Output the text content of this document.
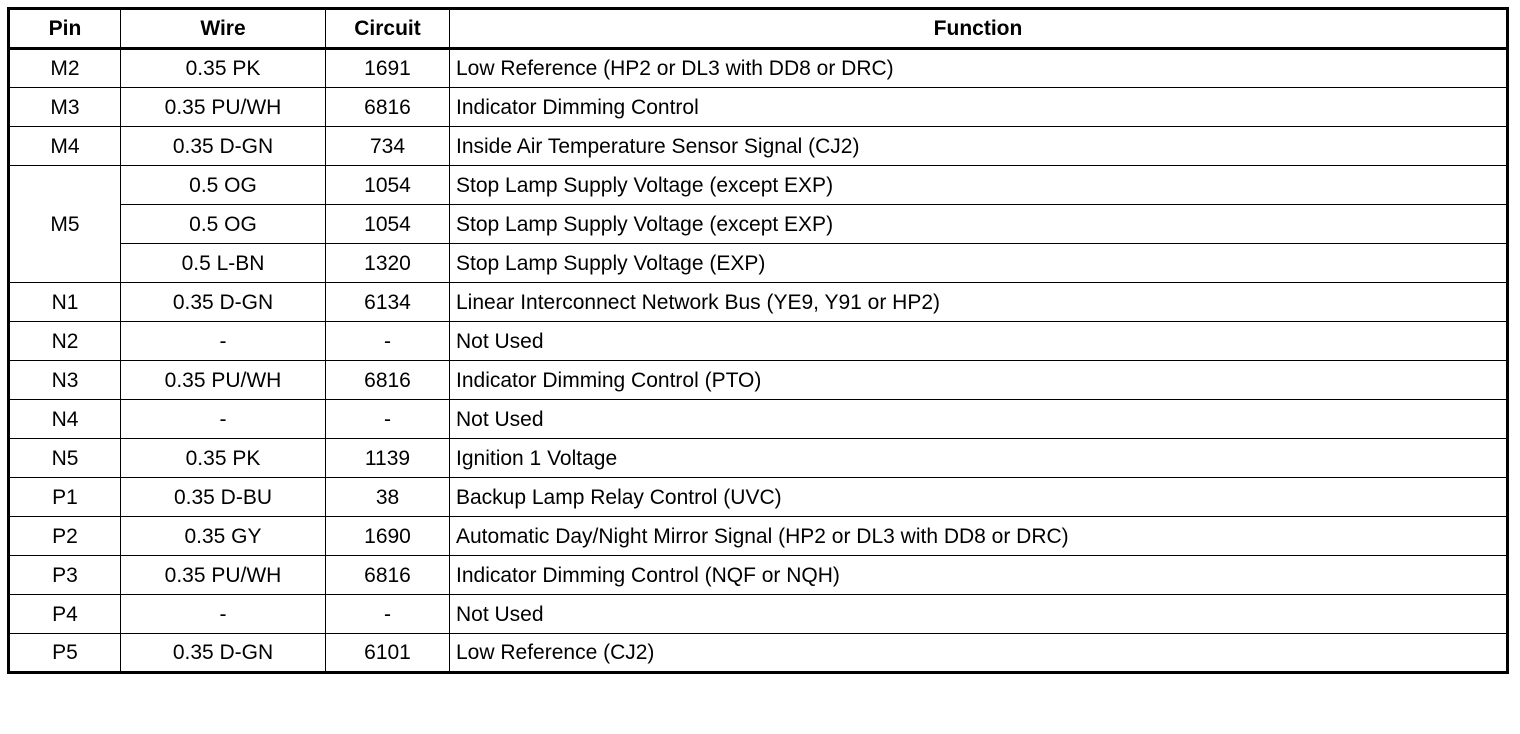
Pin	Wire	Circuit	Function
M2	0.35 PK	1691	Low Reference (HP2 or DL3 with DD8 or DRC)
M3	0.35 PU/WH	6816	Indicator Dimming Control
M4	0.35 D-GN	734	Inside Air Temperature Sensor Signal (CJ2)
M5	0.5 OG	1054	Stop Lamp Supply Voltage (except EXP)
	0.5 OG	1054	Stop Lamp Supply Voltage (except EXP)
	0.5 L-BN	1320	Stop Lamp Supply Voltage (EXP)
N1	0.35 D-GN	6134	Linear Interconnect Network Bus (YE9, Y91 or HP2)
N2	-	-	Not Used
N3	0.35 PU/WH	6816	Indicator Dimming Control (PTO)
N4	-	-	Not Used
N5	0.35 PK	1139	Ignition 1 Voltage
P1	0.35 D-BU	38	Backup Lamp Relay Control (UVC)
P2	0.35 GY	1690	Automatic Day/Night Mirror Signal (HP2 or DL3 with DD8 or DRC)
P3	0.35 PU/WH	6816	Indicator Dimming Control (NQF or NQH)
P4	-	-	Not Used
P5	0.35 D-GN	6101	Low Reference (CJ2)
